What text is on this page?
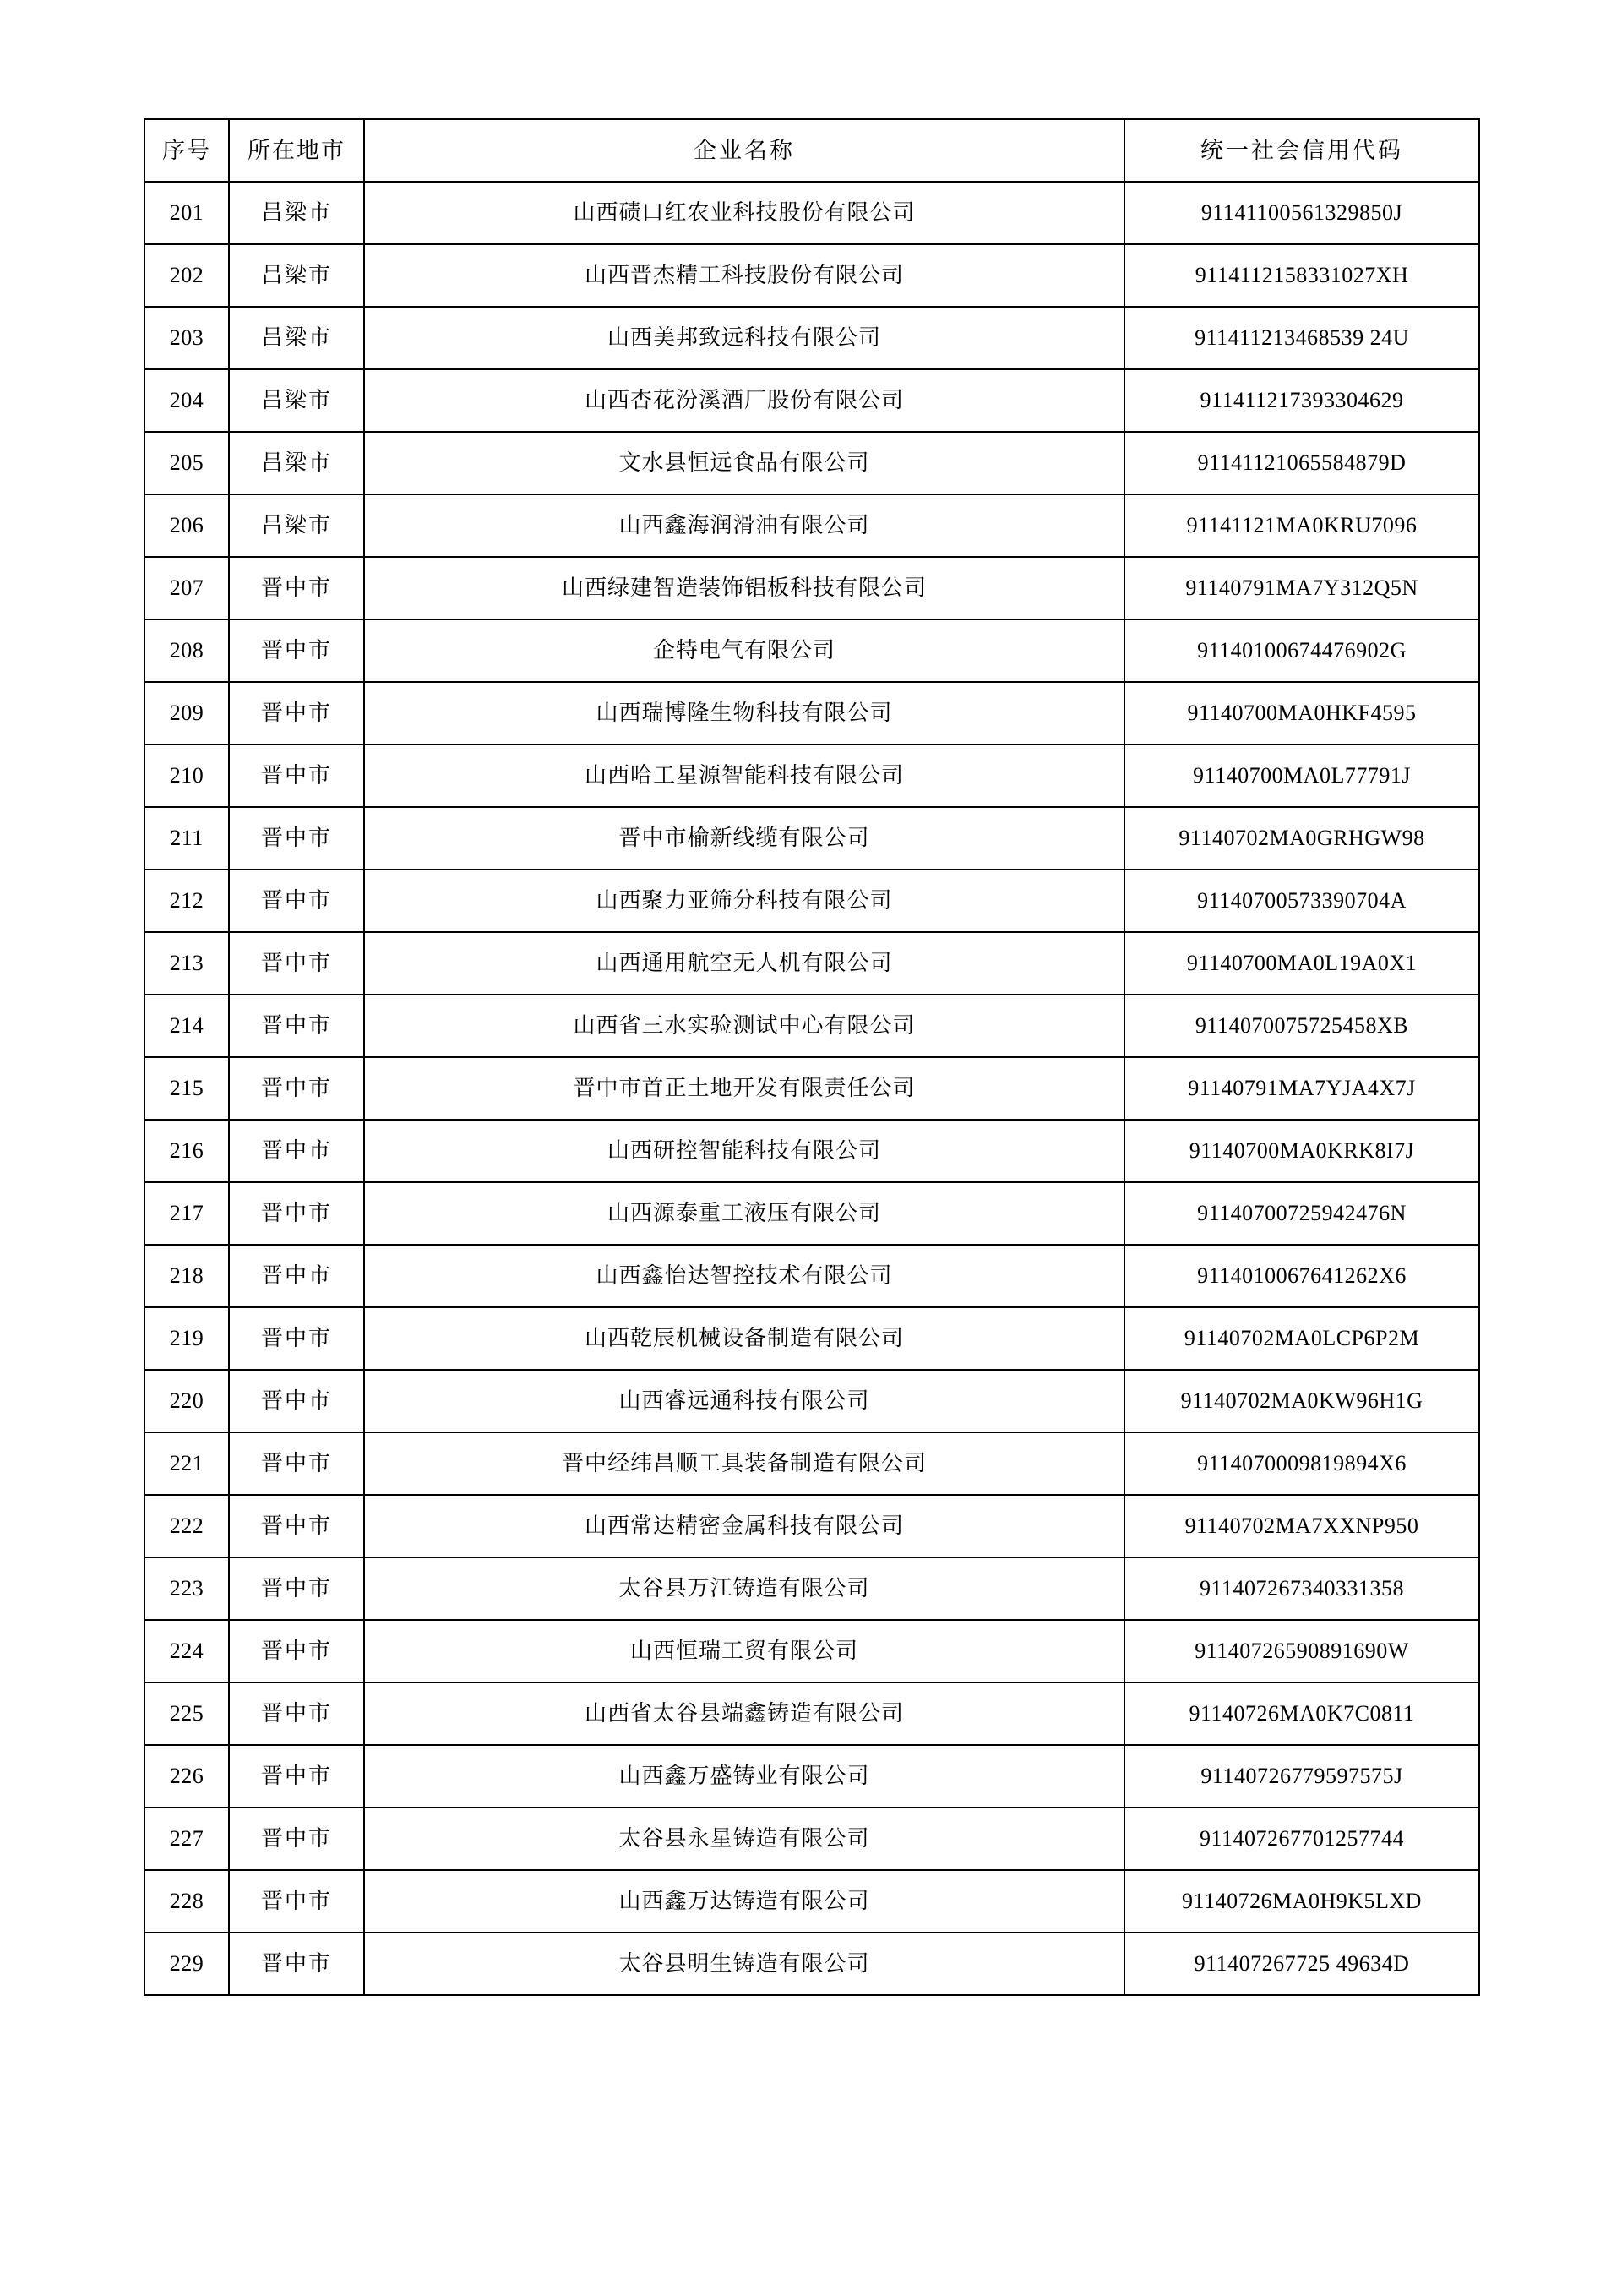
序号	所在地市	企业名称	统一社会信用代码
201	吕梁市	山西碛口红农业科技股份有限公司	91141100561329850J
202	吕梁市	山西晋杰精工科技股份有限公司	9114112158331027XH
203	吕梁市	山西美邦致远科技有限公司	911411213468539 24U
204	吕梁市	山西杏花汾溪酒厂股份有限公司	911411217393304629
205	吕梁市	文水县恒远食品有限公司	91141121065584879D
206	吕梁市	山西鑫海润滑油有限公司	91141121MA0KRU7096
207	晋中市	山西绿建智造装饰铝板科技有限公司	91140791MA7Y312Q5N
208	晋中市	企特电气有限公司	91140100674476902G
209	晋中市	山西瑞博隆生物科技有限公司	91140700MA0HKF4595
210	晋中市	山西哈工星源智能科技有限公司	91140700MA0L77791J
211	晋中市	晋中市榆新线缆有限公司	91140702MA0GRHGW98
212	晋中市	山西聚力亚筛分科技有限公司	91140700573390704A
213	晋中市	山西通用航空无人机有限公司	91140700MA0L19A0X1
214	晋中市	山西省三水实验测试中心有限公司	9114070075725458XB
215	晋中市	晋中市首正土地开发有限责任公司	91140791MA7YJA4X7J
216	晋中市	山西研控智能科技有限公司	91140700MA0KRK8I7J
217	晋中市	山西源泰重工液压有限公司	91140700725942476N
218	晋中市	山西鑫怡达智控技术有限公司	9114010067641262X6
219	晋中市	山西乾辰机械设备制造有限公司	91140702MA0LCP6P2M
220	晋中市	山西睿远通科技有限公司	91140702MA0KW96H1G
221	晋中市	晋中经纬昌顺工具装备制造有限公司	9114070009819894X6
222	晋中市	山西常达精密金属科技有限公司	91140702MA7XXNP950
223	晋中市	太谷县万江铸造有限公司	911407267340331358
224	晋中市	山西恒瑞工贸有限公司	91140726590891690W
225	晋中市	山西省太谷县端鑫铸造有限公司	91140726MA0K7C0811
226	晋中市	山西鑫万盛铸业有限公司	91140726779597575J
227	晋中市	太谷县永星铸造有限公司	911407267701257744
228	晋中市	山西鑫万达铸造有限公司	91140726MA0H9K5LXD
229	晋中市	太谷县明生铸造有限公司	911407267725 49634D
